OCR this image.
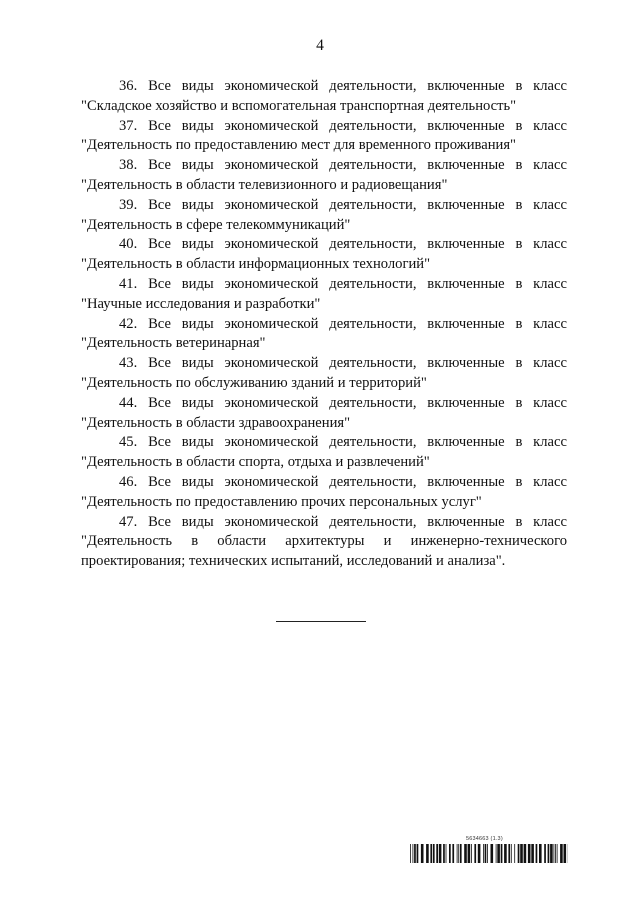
4
36. Все виды экономической деятельности, включенные в класс
"Складское хозяйство и вспомогательная транспортная деятельность"
37. Все виды экономической деятельности, включенные в класс
"Деятельность по предоставлению мест для временного проживания"
38. Все виды экономической деятельности, включенные в класс
"Деятельность в области телевизионного и радиовещания"
39. Все виды экономической деятельности, включенные в класс
"Деятельность в сфере телекоммуникаций"
40. Все виды экономической деятельности, включенные в класс
"Деятельность в области информационных технологий"
41. Все виды экономической деятельности, включенные в класс
"Научные исследования и разработки"
42. Все виды экономической деятельности, включенные в класс
"Деятельность ветеринарная"
43. Все виды экономической деятельности, включенные в класс
"Деятельность по обслуживанию зданий и территорий"
44. Все виды экономической деятельности, включенные в класс
"Деятельность в области здравоохранения"
45. Все виды экономической деятельности, включенные в класс
"Деятельность в области спорта, отдыха и развлечений"
46. Все виды экономической деятельности, включенные в класс
"Деятельность по предоставлению прочих персональных услуг"
47. Все виды экономической деятельности, включенные в класс
"Деятельность в области архитектуры и инженерно-технического
проектирования; технических испытаний, исследований и анализа".
5634663 (1.3)
